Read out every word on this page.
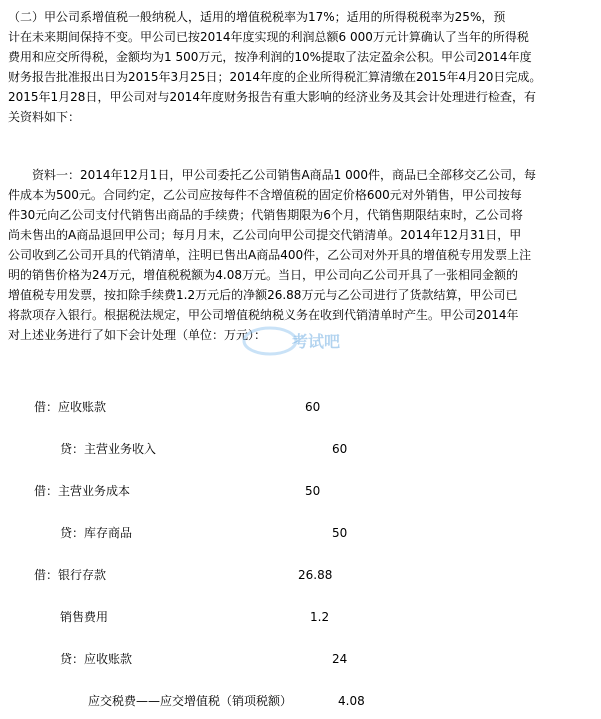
（二）甲公司系增值税一般纳税人，适用的增值税税率为17%；适用的所得税税率为25%，预
计在未来期间保持不变。甲公司已按2014年度实现的利润总额6 000万元计算确认了当年的所得税
费用和应交所得税，金额均为1 500万元，按净利润的10%提取了法定盈余公积。甲公司2014年度
财务报告批准报出日为2015年3月25日；2014年度的企业所得税汇算清缴在2015年4月20日完成。
2015年1月28日，甲公司对与2014年度财务报告有重大影响的经济业务及其会计处理进行检查，有
关资料如下：
资料一：2014年12月1日，甲公司委托乙公司销售A商品1 000件，商品已全部移交乙公司，每
件成本为500元。合同约定，乙公司应按每件不含增值税的固定价格600元对外销售，甲公司按每
件30元向乙公司支付代销售出商品的手续费；代销售期限为6个月，代销售期限结束时，乙公司将
尚未售出的A商品退回甲公司；每月月末，乙公司向甲公司提交代销清单。2014年12月31日，甲
公司收到乙公司开具的代销清单，注明已售出A商品400件，乙公司对外开具的增值税专用发票上注
明的销售价格为24万元，增值税税额为4.08万元。当日，甲公司向乙公司开具了一张相同金额的
增值税专用发票，按扣除手续费1.2万元后的净额26.88万元与乙公司进行了货款结算，甲公司已
将款项存入银行。根据税法规定，甲公司增值税纳税义务在收到代销清单时产生。甲公司2014年
对上述业务进行了如下会计处理（单位：万元）：	考试吧
借：应收账款	60
贷：主营业务收入	60
借：主营业务成本	50
贷：库存商品	50
借：银行存款	26.88
销售费用	1.2
贷：应收账款	24
应交税费——应交增值税（销项税额）	4.08
